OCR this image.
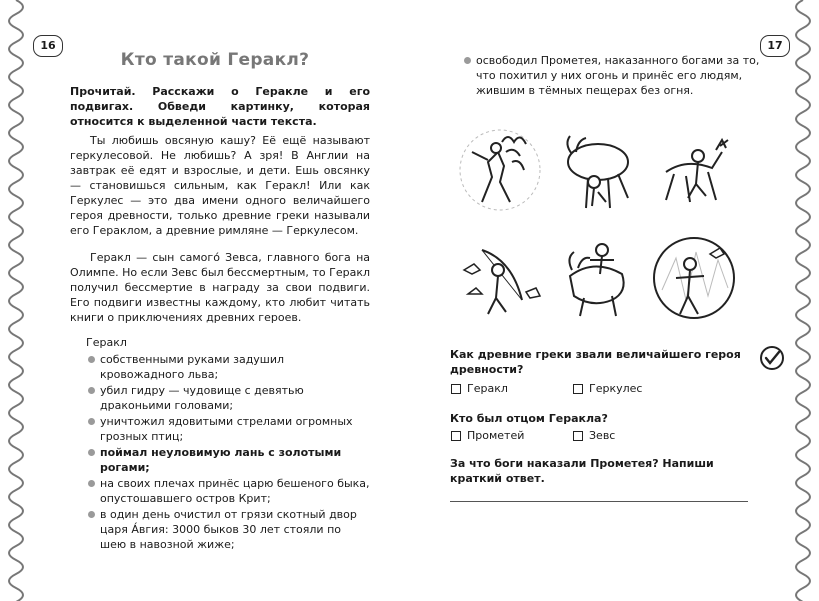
16	17
Кто такой Геракл?
Прочитай. Расскажи о Геракле и его подвигах. Обведи картинку, которая относится к выделенной части текста.
Ты любишь овсяную кашу? Её ещё называют геркулесовой. Не любишь? А зря! В Англии на завтрак её едят и взрослые, и дети. Ешь овсянку — становишься сильным, как Геракл! Или как Геркулес — это два имени одного величайшего героя древности, только древние греки называли его Гераклом, а древние римляне — Геркулесом.
Геракл — сын самого́ Зевса, главного бога на Олимпе. Но если Зевс был бессмертным, то Геракл получил бессмертие в награду за свои подвиги. Его подвиги известны каждому, кто любит читать книги о приключениях древних героев.
Геракл
собственными руками задушил кровожадного льва;
убил гидру — чудовище с девятью драконьими головами;
уничтожил ядовитыми стрелами огромных грозных птиц;
поймал неуловимую лань с золотыми рогами;
на своих плечах принёс царю бешеного быка, опустошавшего остров Крит;
в один день очистил от грязи скотный двор царя А́вгия: 3000 быков 30 лет стояли по шею в навозной жиже;
освободил Прометея, наказанного богами за то, что похитил у них огонь и принёс его людям, жившим в тёмных пещерах без огня.
Как древние греки звали величайшего героя древности?
Геракл	Геркулес
Кто был отцом Геракла?
Прометей	Зевс
За что боги наказали Прометея? Напиши краткий ответ.
